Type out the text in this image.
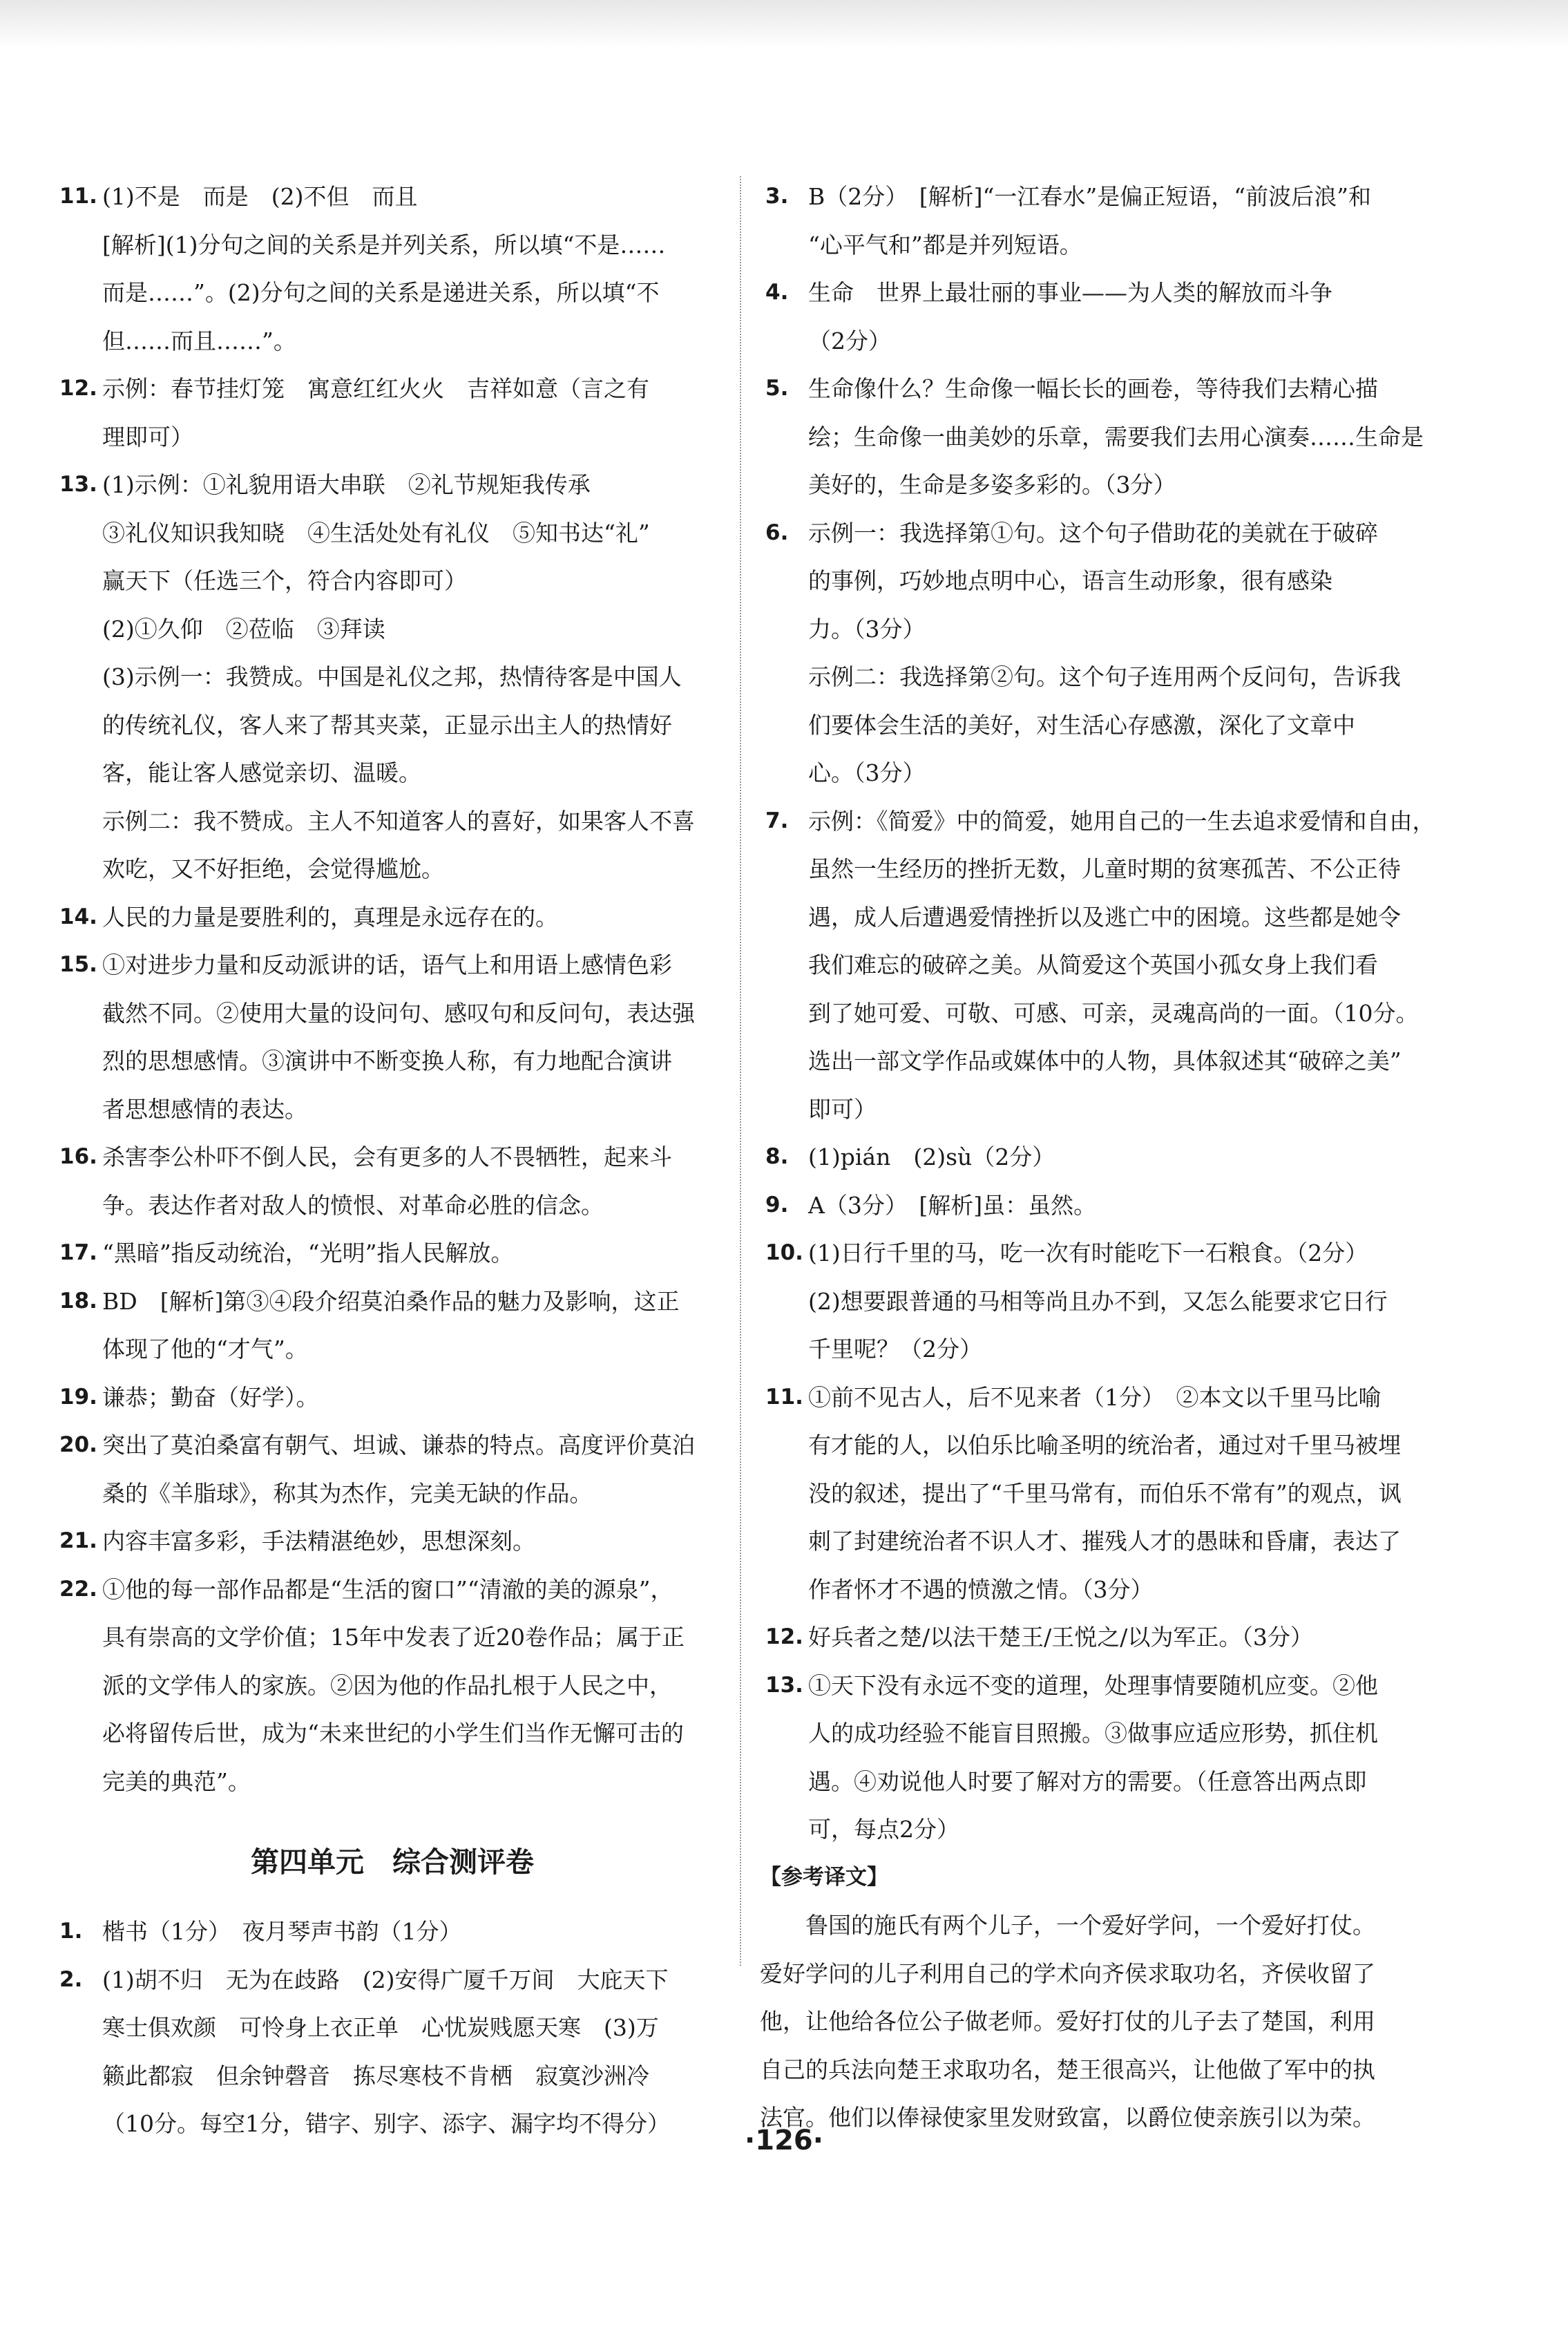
11. (1)不是　而是　(2)不但　而且
[解析](1)分句之间的关系是并列关系，所以填“不是……
而是……”。(2)分句之间的关系是递进关系，所以填“不
但……而且……”。
12. 示例：春节挂灯笼　寓意红红火火　吉祥如意（言之有
理即可）
13. (1)示例：①礼貌用语大串联　②礼节规矩我传承
③礼仪知识我知晓　④生活处处有礼仪　⑤知书达“礼”
赢天下（任选三个，符合内容即可）
(2)①久仰　②莅临　③拜读
(3)示例一：我赞成。中国是礼仪之邦，热情待客是中国人
的传统礼仪，客人来了帮其夹菜，正显示出主人的热情好
客，能让客人感觉亲切、温暖。
示例二：我不赞成。主人不知道客人的喜好，如果客人不喜
欢吃，又不好拒绝，会觉得尴尬。
14. 人民的力量是要胜利的，真理是永远存在的。
15. ①对进步力量和反动派讲的话，语气上和用语上感情色彩
截然不同。②使用大量的设问句、感叹句和反问句，表达强
烈的思想感情。③演讲中不断变换人称，有力地配合演讲
者思想感情的表达。
16. 杀害李公朴吓不倒人民，会有更多的人不畏牺牲，起来斗
争。表达作者对敌人的愤恨、对革命必胜的信念。
17. “黑暗”指反动统治，“光明”指人民解放。
18. BD　[解析]第③④段介绍莫泊桑作品的魅力及影响，这正
体现了他的“才气”。
19. 谦恭；勤奋（好学）。
20. 突出了莫泊桑富有朝气、坦诚、谦恭的特点。高度评价莫泊
桑的《羊脂球》，称其为杰作，完美无缺的作品。
21. 内容丰富多彩，手法精湛绝妙，思想深刻。
22. ①他的每一部作品都是“生活的窗口”“清澈的美的源泉”，
具有崇高的文学价值；15年中发表了近20卷作品；属于正
派的文学伟人的家族。②因为他的作品扎根于人民之中，
必将留传后世，成为“未来世纪的小学生们当作无懈可击的
完美的典范”。
第四单元　综合测评卷
1. 楷书（1分）　夜月琴声书韵（1分）
2. (1)胡不归　无为在歧路　(2)安得广厦千万间　大庇天下
寒士俱欢颜　可怜身上衣正单　心忧炭贱愿天寒　(3)万
籁此都寂　但余钟磬音　拣尽寒枝不肯栖　寂寞沙洲冷
（10分。每空1分，错字、别字、添字、漏字均不得分）
3. B（2分）　[解析]“一江春水”是偏正短语，“前波后浪”和
“心平气和”都是并列短语。
4. 生命　世界上最壮丽的事业——为人类的解放而斗争
（2分）
5. 生命像什么？生命像一幅长长的画卷，等待我们去精心描
绘；生命像一曲美妙的乐章，需要我们去用心演奏……生命是
美好的，生命是多姿多彩的。（3分）
6. 示例一：我选择第①句。这个句子借助花的美就在于破碎
的事例，巧妙地点明中心，语言生动形象，很有感染
力。（3分）
示例二：我选择第②句。这个句子连用两个反问句，告诉我
们要体会生活的美好，对生活心存感激，深化了文章中
心。（3分）
7. 示例：《简爱》中的简爱，她用自己的一生去追求爱情和自由，
虽然一生经历的挫折无数，儿童时期的贫寒孤苦、不公正待
遇，成人后遭遇爱情挫折以及逃亡中的困境。这些都是她令
我们难忘的破碎之美。从简爱这个英国小孤女身上我们看
到了她可爱、可敬、可感、可亲，灵魂高尚的一面。（10分。
选出一部文学作品或媒体中的人物，具体叙述其“破碎之美”
即可）
8. (1)pián　(2)sù（2分）
9. A（3分）　[解析]虽：虽然。
10. (1)日行千里的马，吃一次有时能吃下一石粮食。（2分）
(2)想要跟普通的马相等尚且办不到，又怎么能要求它日行
千里呢？（2分）
11. ①前不见古人，后不见来者（1分）　②本文以千里马比喻
有才能的人，以伯乐比喻圣明的统治者，通过对千里马被埋
没的叙述，提出了“千里马常有，而伯乐不常有”的观点，讽
刺了封建统治者不识人才、摧残人才的愚昧和昏庸，表达了
作者怀才不遇的愤激之情。（3分）
12. 好兵者之楚/以法干楚王/王悦之/以为军正。（3分）
13. ①天下没有永远不变的道理，处理事情要随机应变。②他
人的成功经验不能盲目照搬。③做事应适应形势，抓住机
遇。④劝说他人时要了解对方的需要。（任意答出两点即
可，每点2分）
【参考译文】
鲁国的施氏有两个儿子，一个爱好学问，一个爱好打仗。
爱好学问的儿子利用自己的学术向齐侯求取功名，齐侯收留了
他，让他给各位公子做老师。爱好打仗的儿子去了楚国，利用
自己的兵法向楚王求取功名，楚王很高兴，让他做了军中的执
法官。他们以俸禄使家里发财致富，以爵位使亲族引以为荣。
·126·
